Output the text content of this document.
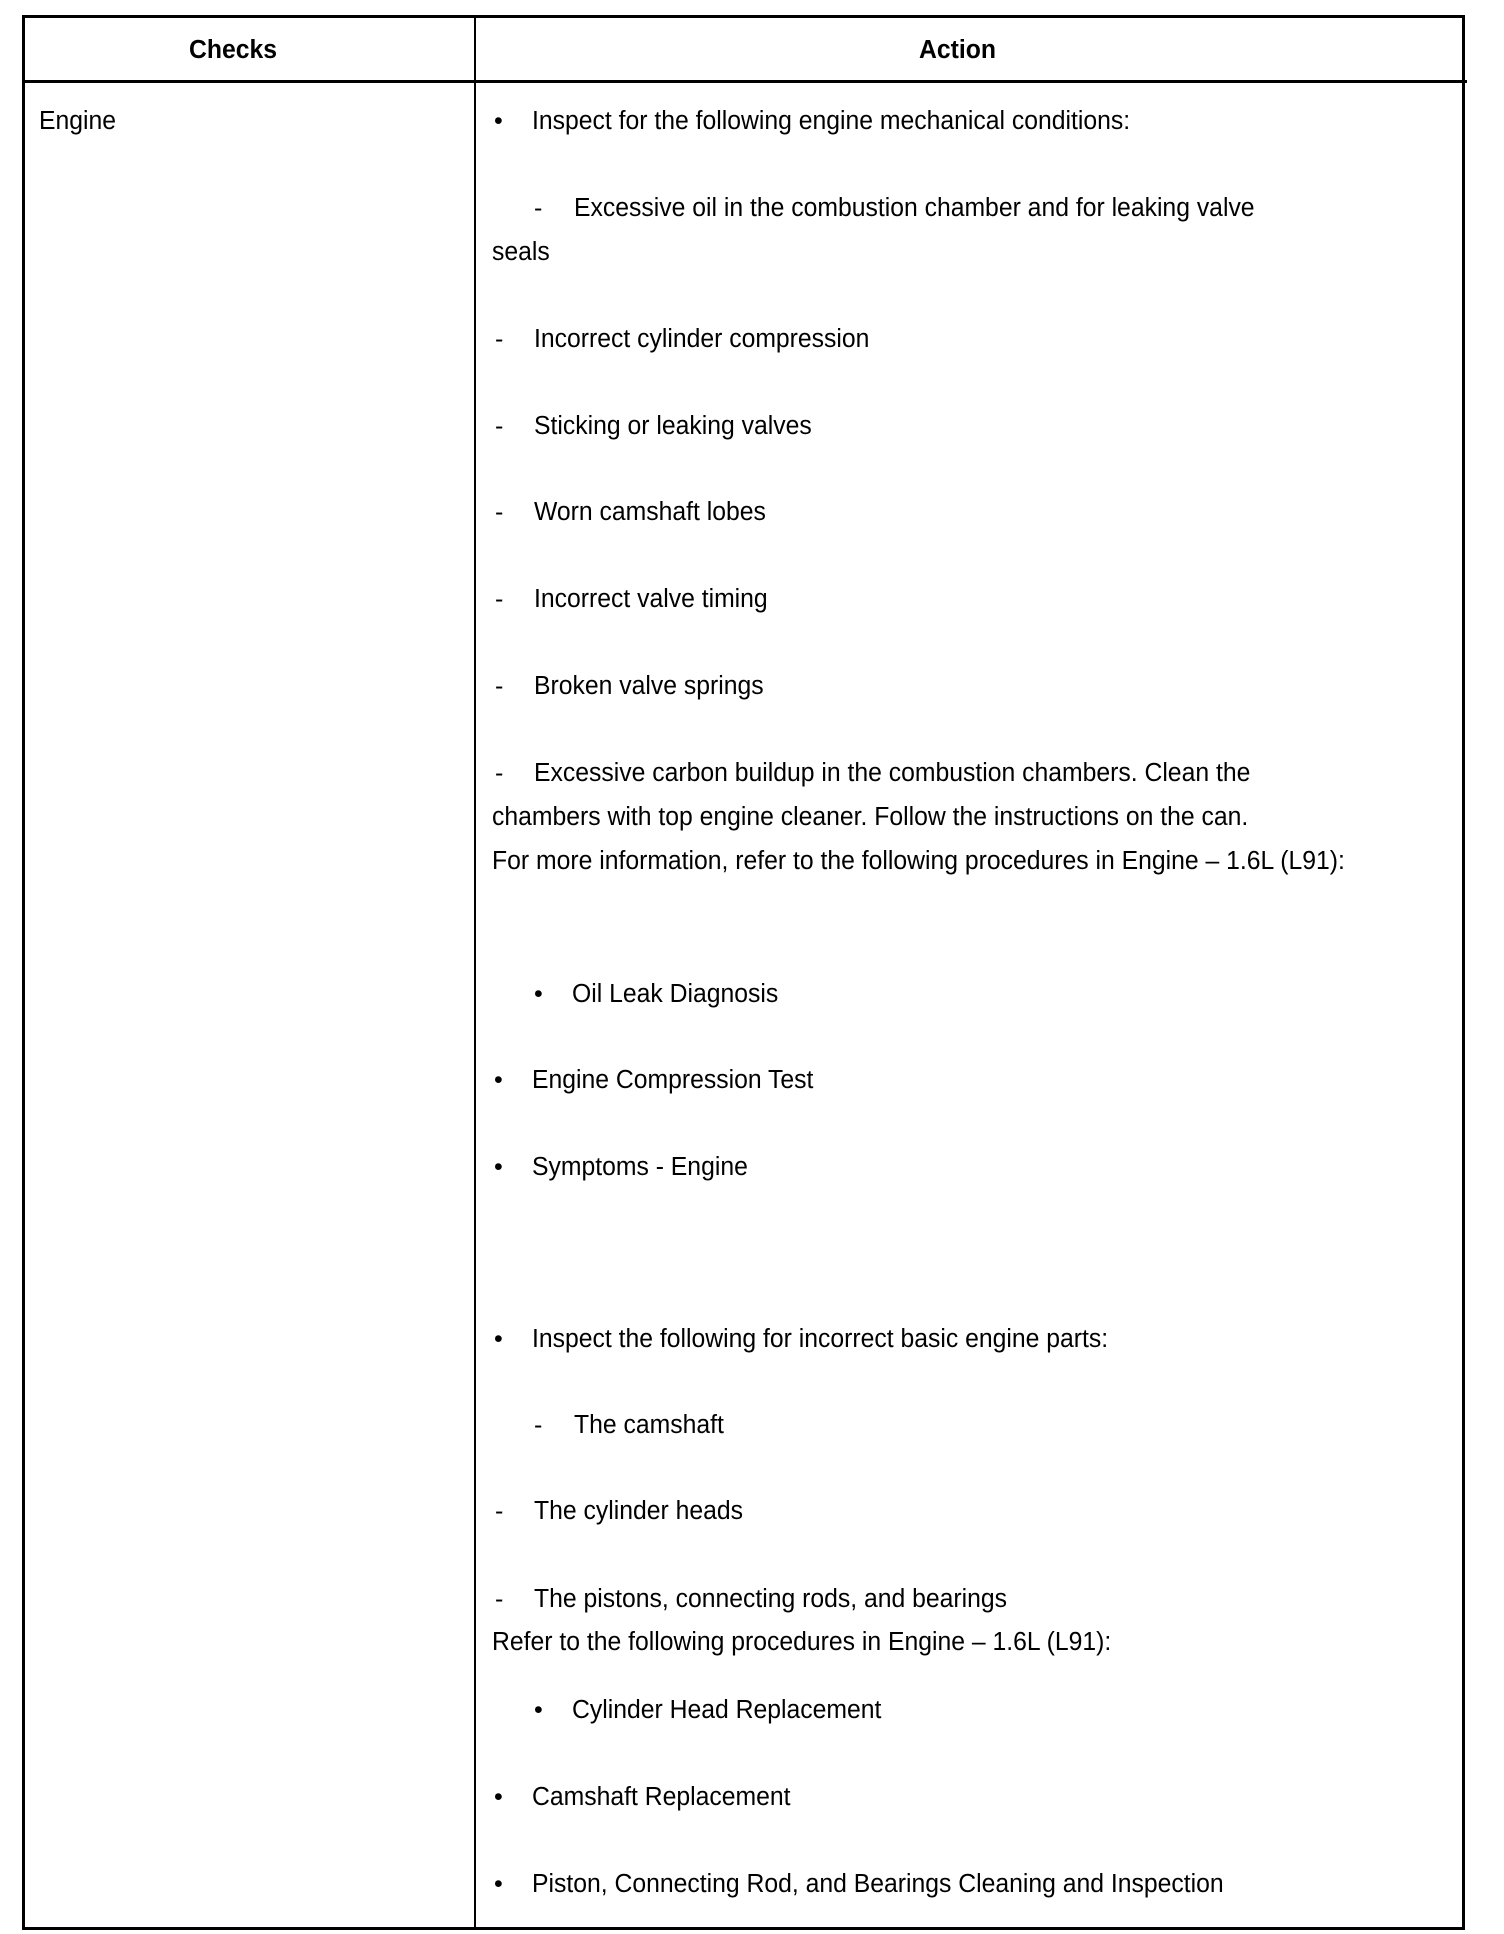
Checks	Action
Engine	• Inspect for the following engine mechanical conditions:
- Excessive oil in the combustion chamber and for leaking valve
seals
- Incorrect cylinder compression
- Sticking or leaking valves
- Worn camshaft lobes
- Incorrect valve timing
- Broken valve springs
- Excessive carbon buildup in the combustion chambers. Clean the
chambers with top engine cleaner. Follow the instructions on the can.
For more information, refer to the following procedures in Engine – 1.6L (L91):
• Oil Leak Diagnosis
• Engine Compression Test
• Symptoms - Engine
• Inspect the following for incorrect basic engine parts:
- The camshaft
- The cylinder heads
- The pistons, connecting rods, and bearings
Refer to the following procedures in Engine – 1.6L (L91):
• Cylinder Head Replacement
• Camshaft Replacement
• Piston, Connecting Rod, and Bearings Cleaning and Inspection
